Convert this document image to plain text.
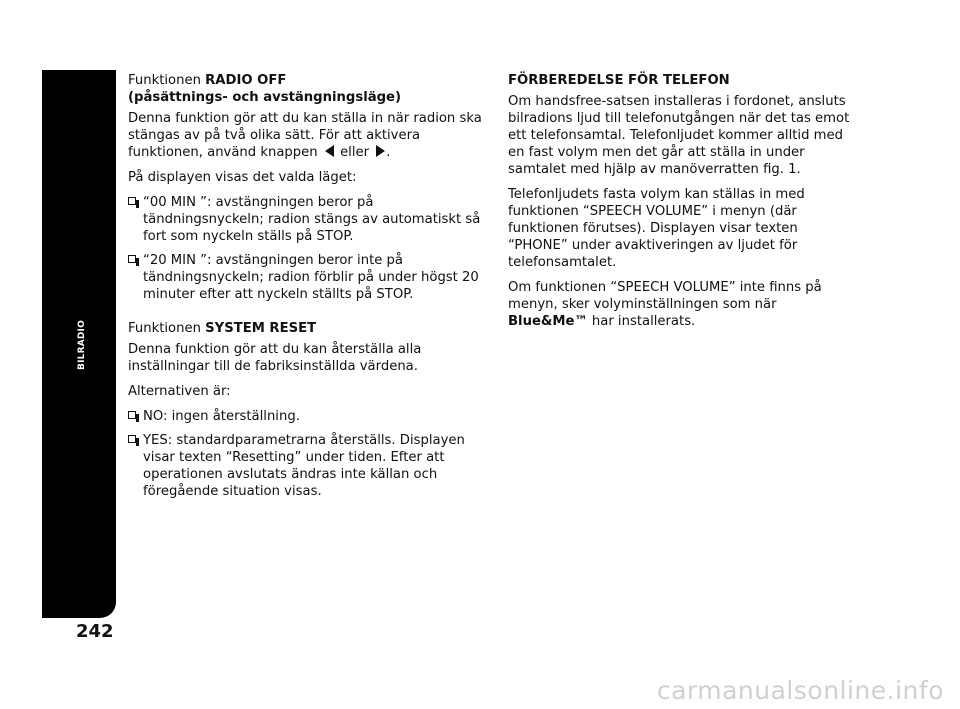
BILRADIO
242
Funktionen RADIO OFF
(påsättnings- och avstängningsläge)

Denna funktion gör att du kan ställa in när radion ska stängas av på två olika sätt. För att aktivera funktionen, använd knappen eller .

På displayen visas det valda läget:

“00 MIN ”: avstängningen beror på tändningsnyckeln; radion stängs av automatiskt så fort som nyckeln ställs på STOP.
“20 MIN ”: avstängningen beror inte på tändningsnyckeln; radion förblir på under högst 20 minuter efter att nyckeln ställts på STOP.
Funktionen SYSTEM RESET

Denna funktion gör att du kan återställa alla inställningar till de fabriksinställda värdena.

Alternativen är:

NO: ingen återställning.
YES: standardparametrarna återställs. Displayen visar texten “Resetting” under tiden. Efter att operationen avslutats ändras inte källan och föregående situation visas.
FÖRBEREDELSE FÖR TELEFON

Om handsfree-satsen installeras i fordonet, ansluts bilradions ljud till telefonutgången när det tas emot ett telefonsamtal. Telefonljudet kommer alltid med en fast volym men det går att ställa in under samtalet med hjälp av manöverratten fig. 1.

Telefonljudets fasta volym kan ställas in med funktionen “SPEECH VOLUME” i menyn (där funktionen förutses). Displayen visar texten “PHONE” under avaktiveringen av ljudet för telefonsamtalet.

Om funktionen “SPEECH VOLUME” inte finns på menyn, sker volyminställningen som när Blue&Me™ har installerats.

carmanualsonline.info
